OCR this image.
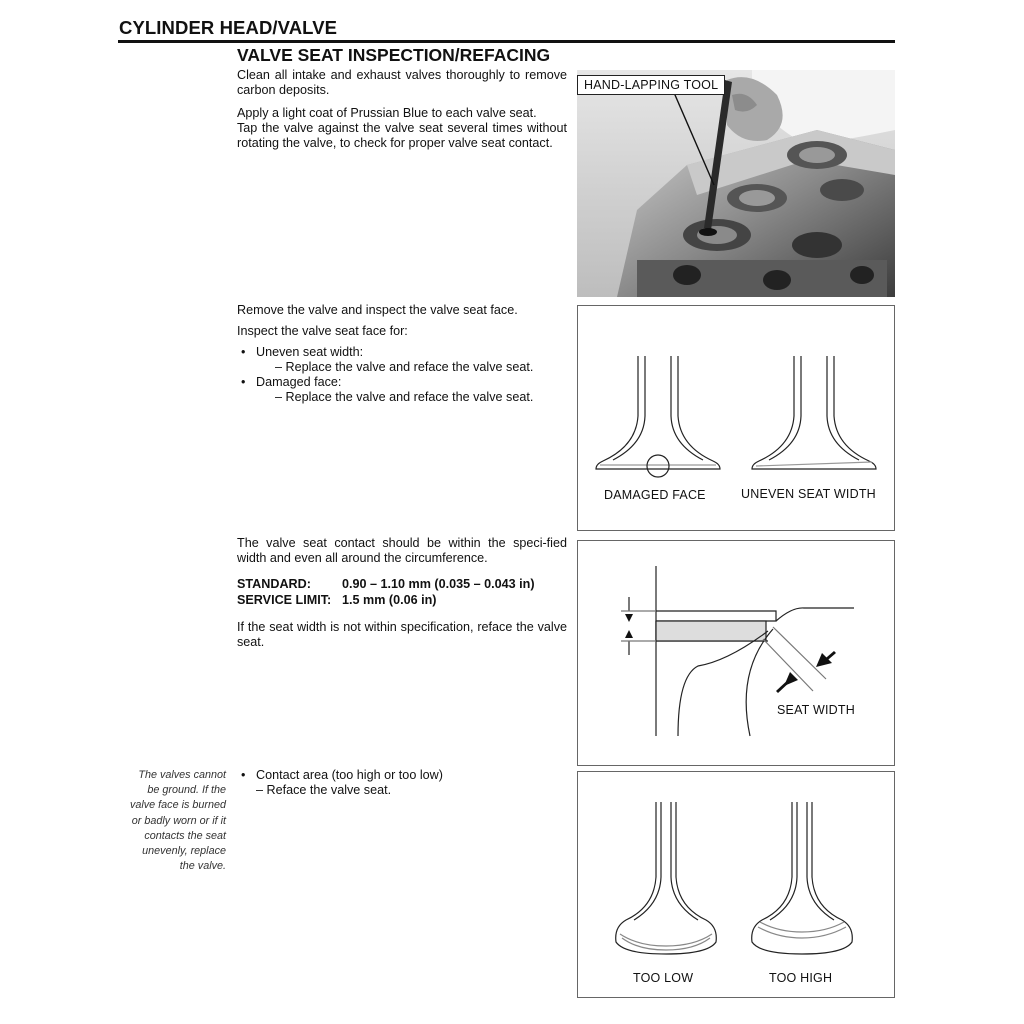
CYLINDER HEAD/VALVE
VALVE SEAT INSPECTION/REFACING

Clean all intake and exhaust valves thoroughly to remove carbon deposits.

Apply a light coat of Prussian Blue to each valve seat.

Tap the valve against the valve seat several times without rotating the valve, to check for proper valve seat contact.

HAND-LAPPING TOOL

Remove the valve and inspect the valve seat face.

Inspect the valve seat face for:

• Uneven seat width:
– Replace the valve and reface the valve seat.
• Damaged face:
– Replace the valve and reface the valve seat.
DAMAGED FACE	UNEVEN SEAT WIDTH
The valve seat contact should be within the speci-fied width and even all around the circumference.
STANDARD: 0.90 – 1.10 mm (0.035 – 0.043 in)
SERVICE LIMIT: 1.5 mm (0.06 in)
If the seat width is not within specification, reface the valve seat.
SEAT WIDTH
The valves cannot
be ground. If the
valve face is burned
or badly worn or if it
contacts the seat
unevenly, replace
the valve.
• Contact area (too high or too low)
– Reface the valve seat.
TOO LOW	TOO HIGH
